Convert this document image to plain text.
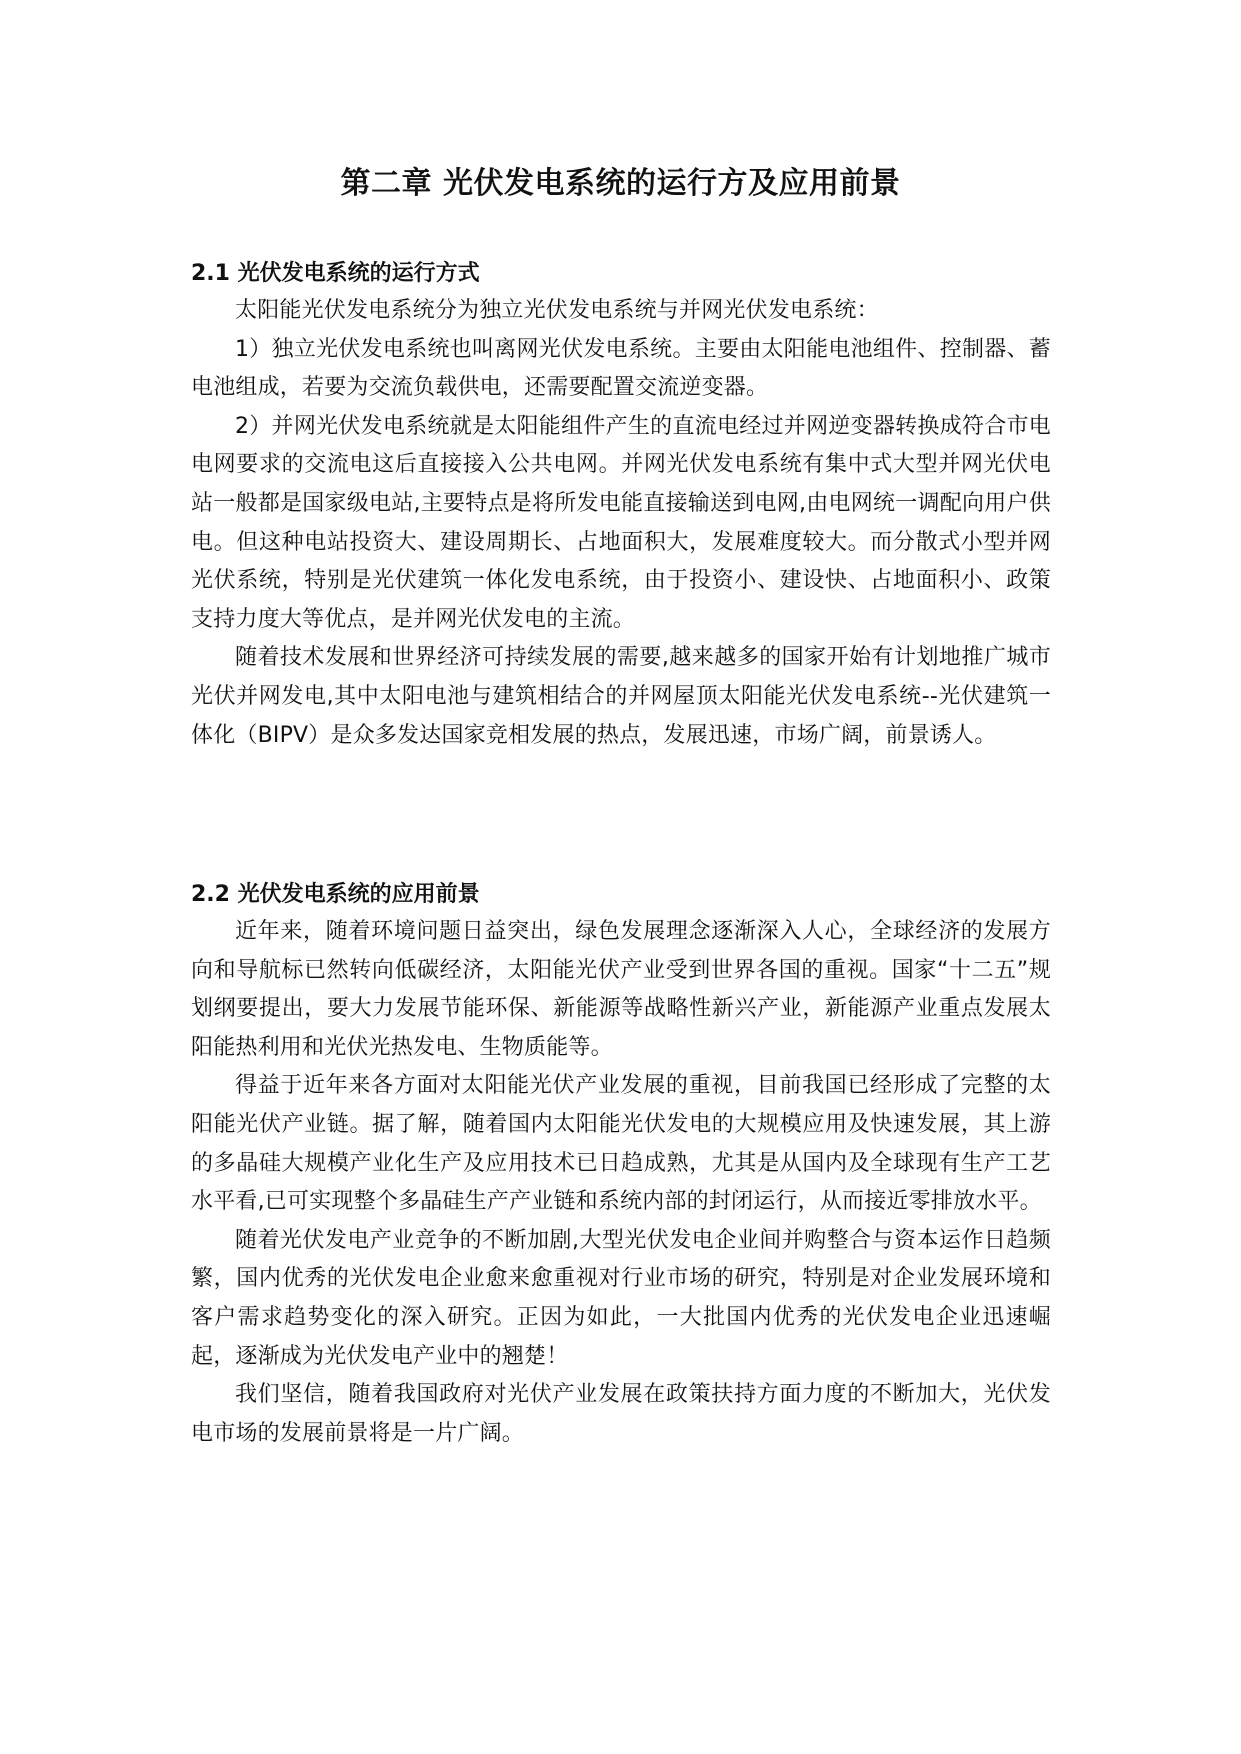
第二章 光伏发电系统的运行方及应用前景
2.1 光伏发电系统的运行方式

太阳能光伏发电系统分为独立光伏发电系统与并网光伏发电系统：

1）独立光伏发电系统也叫离网光伏发电系统。主要由太阳能电池组件、控制器、蓄电池组成，若要为交流负载供电，还需要配置交流逆变器。

2）并网光伏发电系统就是太阳能组件产生的直流电经过并网逆变器转换成符合市电电网要求的交流电这后直接接入公共电网。并网光伏发电系统有集中式大型并网光伏电站一般都是国家级电站,主要特点是将所发电能直接输送到电网,由电网统一调配向用户供电。但这种电站投资大、建设周期长、占地面积大，发展难度较大。而分散式小型并网光伏系统，特别是光伏建筑一体化发电系统，由于投资小、建设快、占地面积小、政策支持力度大等优点，是并网光伏发电的主流。

随着技术发展和世界经济可持续发展的需要,越来越多的国家开始有计划地推广城市光伏并网发电,其中太阳电池与建筑相结合的并网屋顶太阳能光伏发电系统--光伏建筑一体化（BIPV）是众多发达国家竞相发展的热点，发展迅速，市场广阔，前景诱人。

2.2 光伏发电系统的应用前景

近年来，随着环境问题日益突出，绿色发展理念逐渐深入人心，全球经济的发展方向和导航标已然转向低碳经济，太阳能光伏产业受到世界各国的重视。国家“十二五”规划纲要提出，要大力发展节能环保、新能源等战略性新兴产业，新能源产业重点发展太阳能热利用和光伏光热发电、生物质能等。

得益于近年来各方面对太阳能光伏产业发展的重视，目前我国已经形成了完整的太阳能光伏产业链。据了解，随着国内太阳能光伏发电的大规模应用及快速发展，其上游的多晶硅大规模产业化生产及应用技术已日趋成熟，尤其是从国内及全球现有生产工艺水平看,已可实现整个多晶硅生产产业链和系统内部的封闭运行，从而接近零排放水平。

随着光伏发电产业竞争的不断加剧,大型光伏发电企业间并购整合与资本运作日趋频繁，国内优秀的光伏发电企业愈来愈重视对行业市场的研究，特别是对企业发展环境和客户需求趋势变化的深入研究。正因为如此，一大批国内优秀的光伏发电企业迅速崛起，逐渐成为光伏发电产业中的翘楚！

我们坚信，随着我国政府对光伏产业发展在政策扶持方面力度的不断加大，光伏发电市场的发展前景将是一片广阔。
